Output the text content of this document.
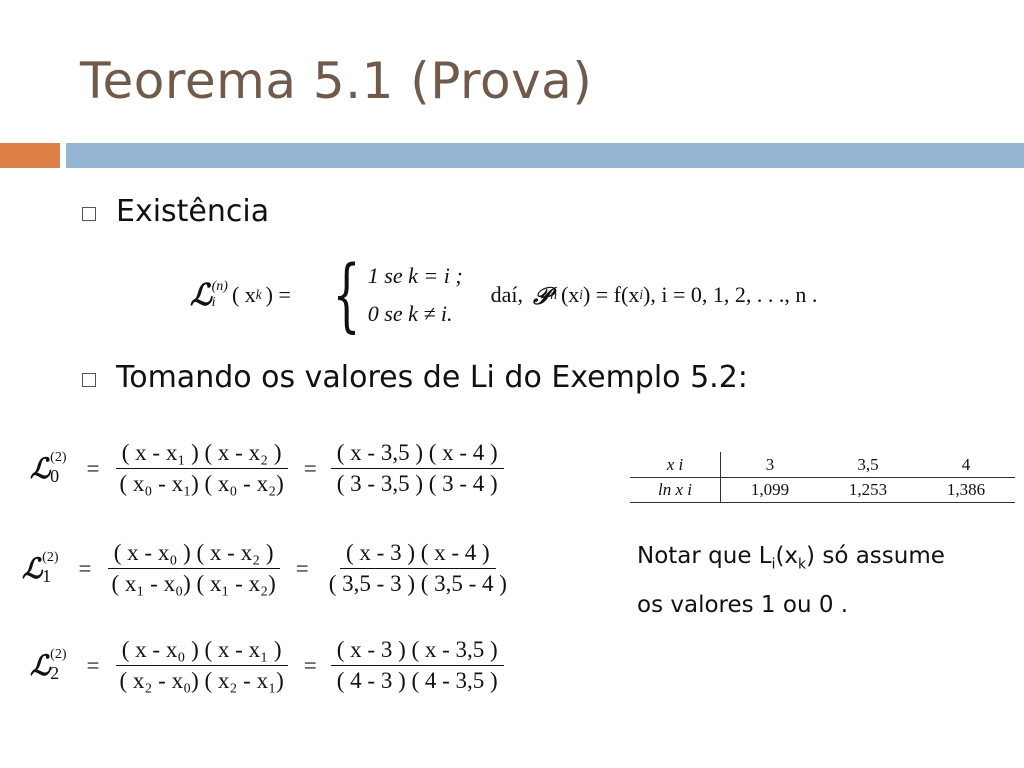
Teorema 5.1 (Prova)
Existência
ℒ (n)
i ( x k ) = { 1 se k = i ;
0 se k ≠ i.
daí, 𝒫 n (x i ) = f(x i ), i = 0, 1, 2, . . ., n .
Tomando os valores de Li do Exemplo 5.2:
ℒ (2)
0	= $\frac{\text{( x - x₁ ) ( x - x₂ )}}{\text{( x₀ - x₁) ( x₀ - x₂)}} = \frac{( x - 3,5 ) ( x - 4 )}{( 3 - 3,5 ) ( 3 - 4 )}$
ℒ (2)
1	= $\frac{\text{( x - x₀ ) ( x - x₂ )}}{\text{( x₁ - x₀) ( x₁ - x₂)}} = \frac{( x - 3 ) ( x - 4 )}{( 3,5 - 3 ) ( 3,5 - 4 )}$
ℒ (2)
2	= $\frac{\text{( x - x₀ ) ( x - x₁ )}}{\text{( x₂ - x₀) ( x₂ - x₁)}} = \frac{( x - 3 ) ( x - 3,5 )}{( 4 - 3 ) ( 4 - 3,5 )}$
x i	3	3,5	4
ln x i	1,099	1,253	1,386
Notar que $L_i(x_k)$ só assume
os valores 1 ou 0 .
